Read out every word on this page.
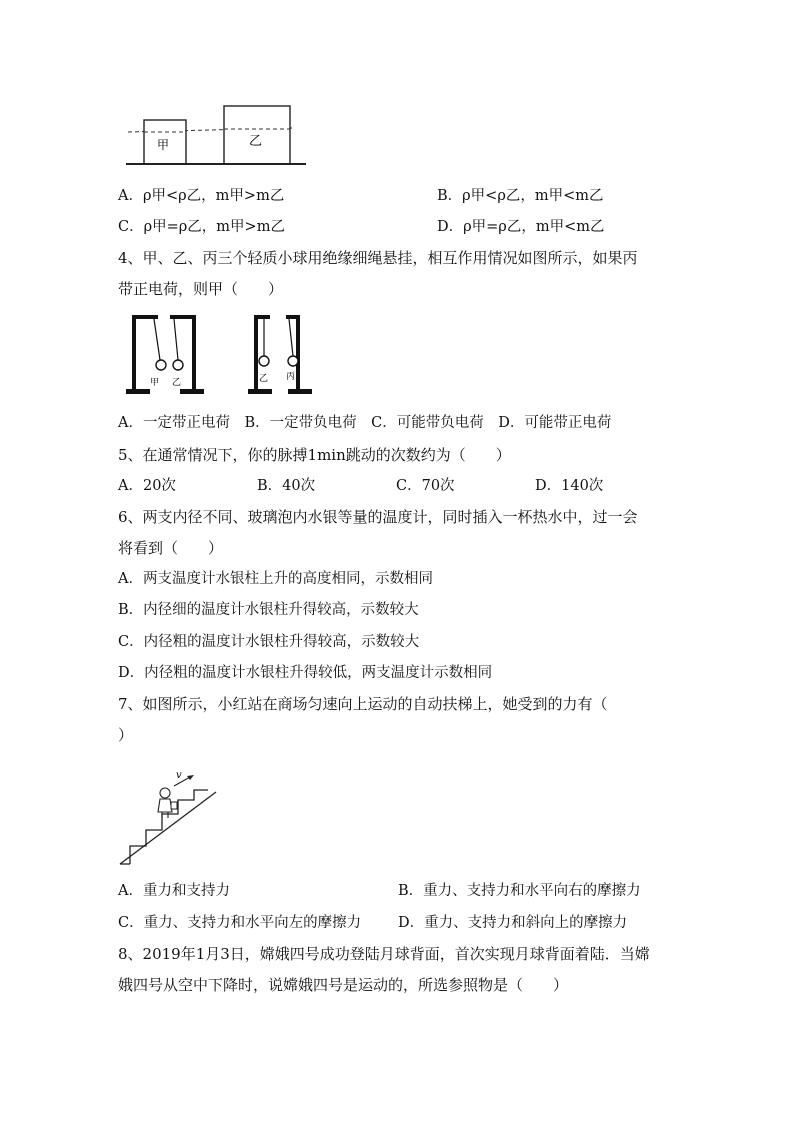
甲	乙
A．ρ甲<ρ乙，m甲>m乙	B．ρ甲<ρ乙，m甲<m乙
C．ρ甲=ρ乙，m甲>m乙	D．ρ甲=ρ乙，m甲<m乙
4、甲、乙、丙三个轻质小球用绝缘细绳悬挂，相互作用情况如图所示，如果丙
带正电荷，则甲（　　）
甲 乙	乙 丙
A．一定带正电荷　B．一定带负电荷　C．可能带负电荷　D．可能带正电荷
5、在通常情况下，你的脉搏1min跳动的次数约为（　　）
A．20次	B．40次	C．70次	D．140次
6、两支内径不同、玻璃泡内水银等量的温度计，同时插入一杯热水中，过一会
将看到（　　）
A．两支温度计水银柱上升的高度相同，示数相同
B．内径细的温度计水银柱升得较高，示数较大
C．内径粗的温度计水银柱升得较高，示数较大
D．内径粗的温度计水银柱升得较低，两支温度计示数相同
7、如图所示，小红站在商场匀速向上运动的自动扶梯上，她受到的力有（
）
v
A．重力和支持力	B．重力、支持力和水平向右的摩擦力
C．重力、支持力和水平向左的摩擦力	D．重力、支持力和斜向上的摩擦力
8、2019年1月3日，嫦娥四号成功登陆月球背面，首次实现月球背面着陆．当嫦
娥四号从空中下降时，说嫦娥四号是运动的，所选参照物是（　　）
